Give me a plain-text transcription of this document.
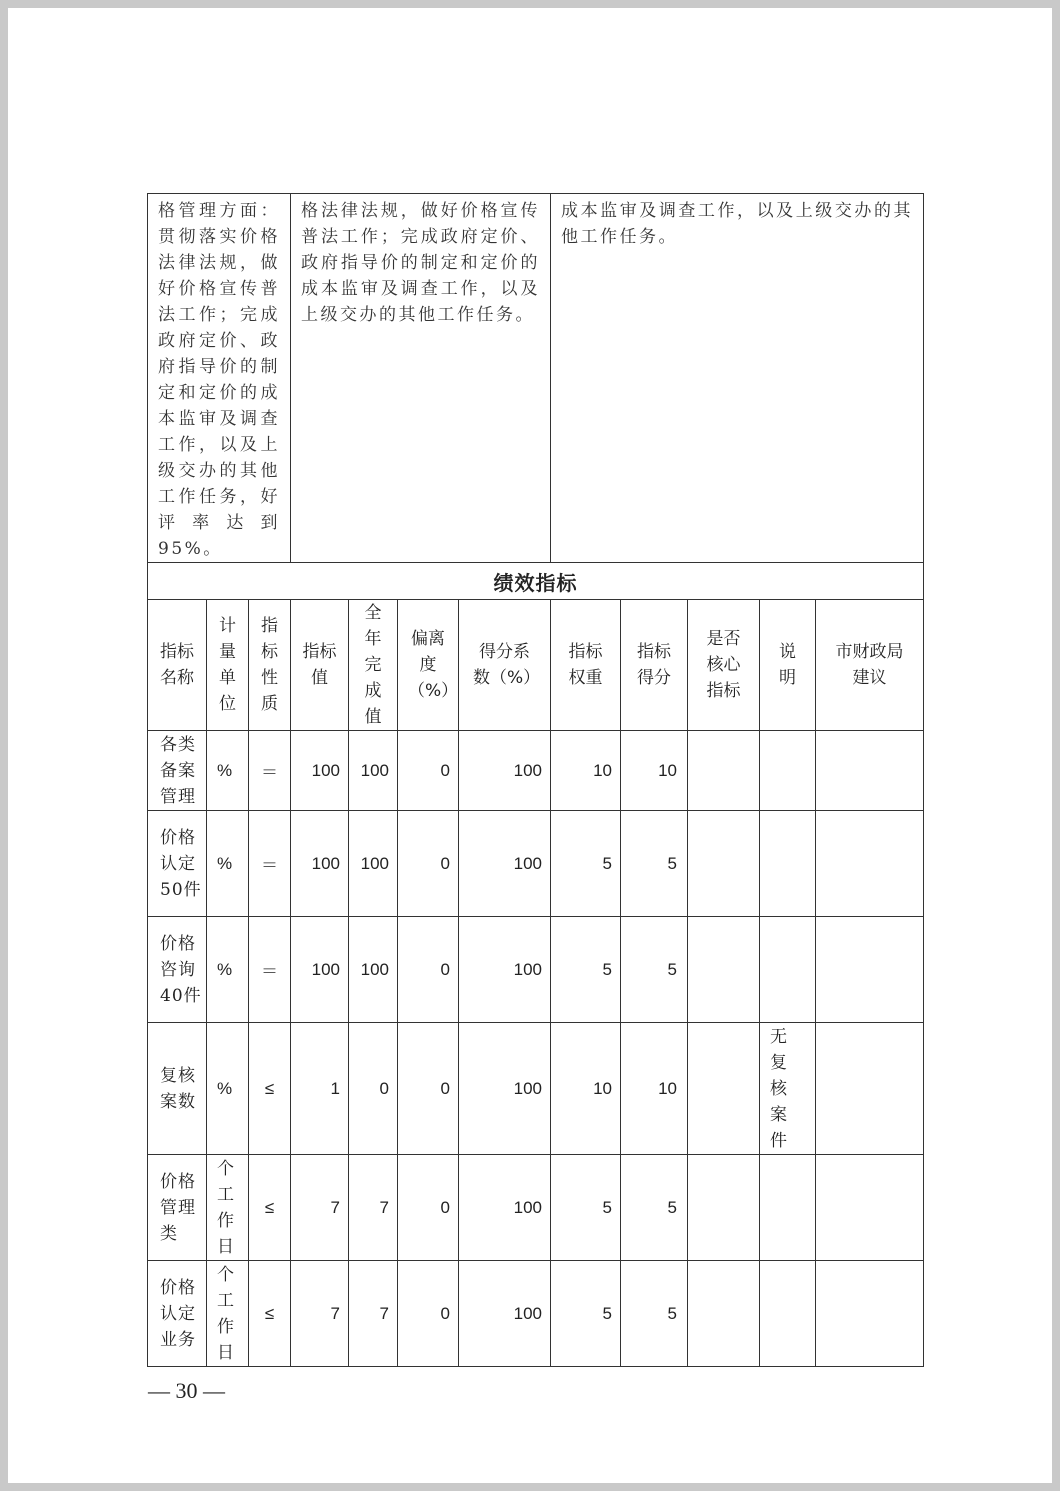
格管理方面：贯彻落实价格法律法规，做好价格宣传普法工作；完成政府定价、政府指导价的制定和定价的成本监审及调查工作，以及上级交办的其他工作任务，好评率达到95%。			格法律法规，做好价格宣传普法工作；完成政府定价、政府指导价的制定和定价的成本监审及调查工作，以及上级交办的其他工作任务。				成本监审及调查工作，以及上级交办的其他工作任务。				
绩效指标											
指标名称	计量单位	指标性质	指标值	全年完成值	偏离度（%）	得分系数（%）	指标权重	指标得分	是否核心指标	说明	市财政局建议
各类备案管理	%	＝	100	100	0	100	10	10			
价格认定50件	%	＝	100	100	0	100	5	5			
价格咨询40件	%	＝	100	100	0	100	5	5			
复核案数	%	≤	1	0	0	100	10	10		无复核案件	
价格管理类	个工作日	≤	7	7	0	100	5	5			
价格认定业务	个工作日	≤	7	7	0	100	5	5			
— 30 —
